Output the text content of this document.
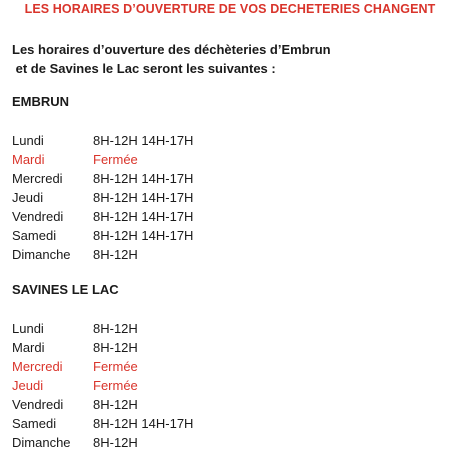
LES HORAIRES D’OUVERTURE DE VOS DECHETERIES CHANGENT
Les horaires d’ouverture des déchèteries d’Embrun
et de Savines le Lac seront les suivantes :
EMBRUN
Lundi	8H-12H 14H-17H
Mardi	Fermée
Mercredi 8H-12H 14H-17H
Jeudi	8H-12H 14H-17H
Vendredi 8H-12H 14H-17H
Samedi	8H-12H 14H-17H
Dimanche 8H-12H
SAVINES LE LAC
Lundi	8H-12H
Mardi	8H-12H
Mercredi Fermée
Jeudi	Fermée
Vendredi 8H-12H
Samedi	8H-12H 14H-17H
Dimanche 8H-12H
